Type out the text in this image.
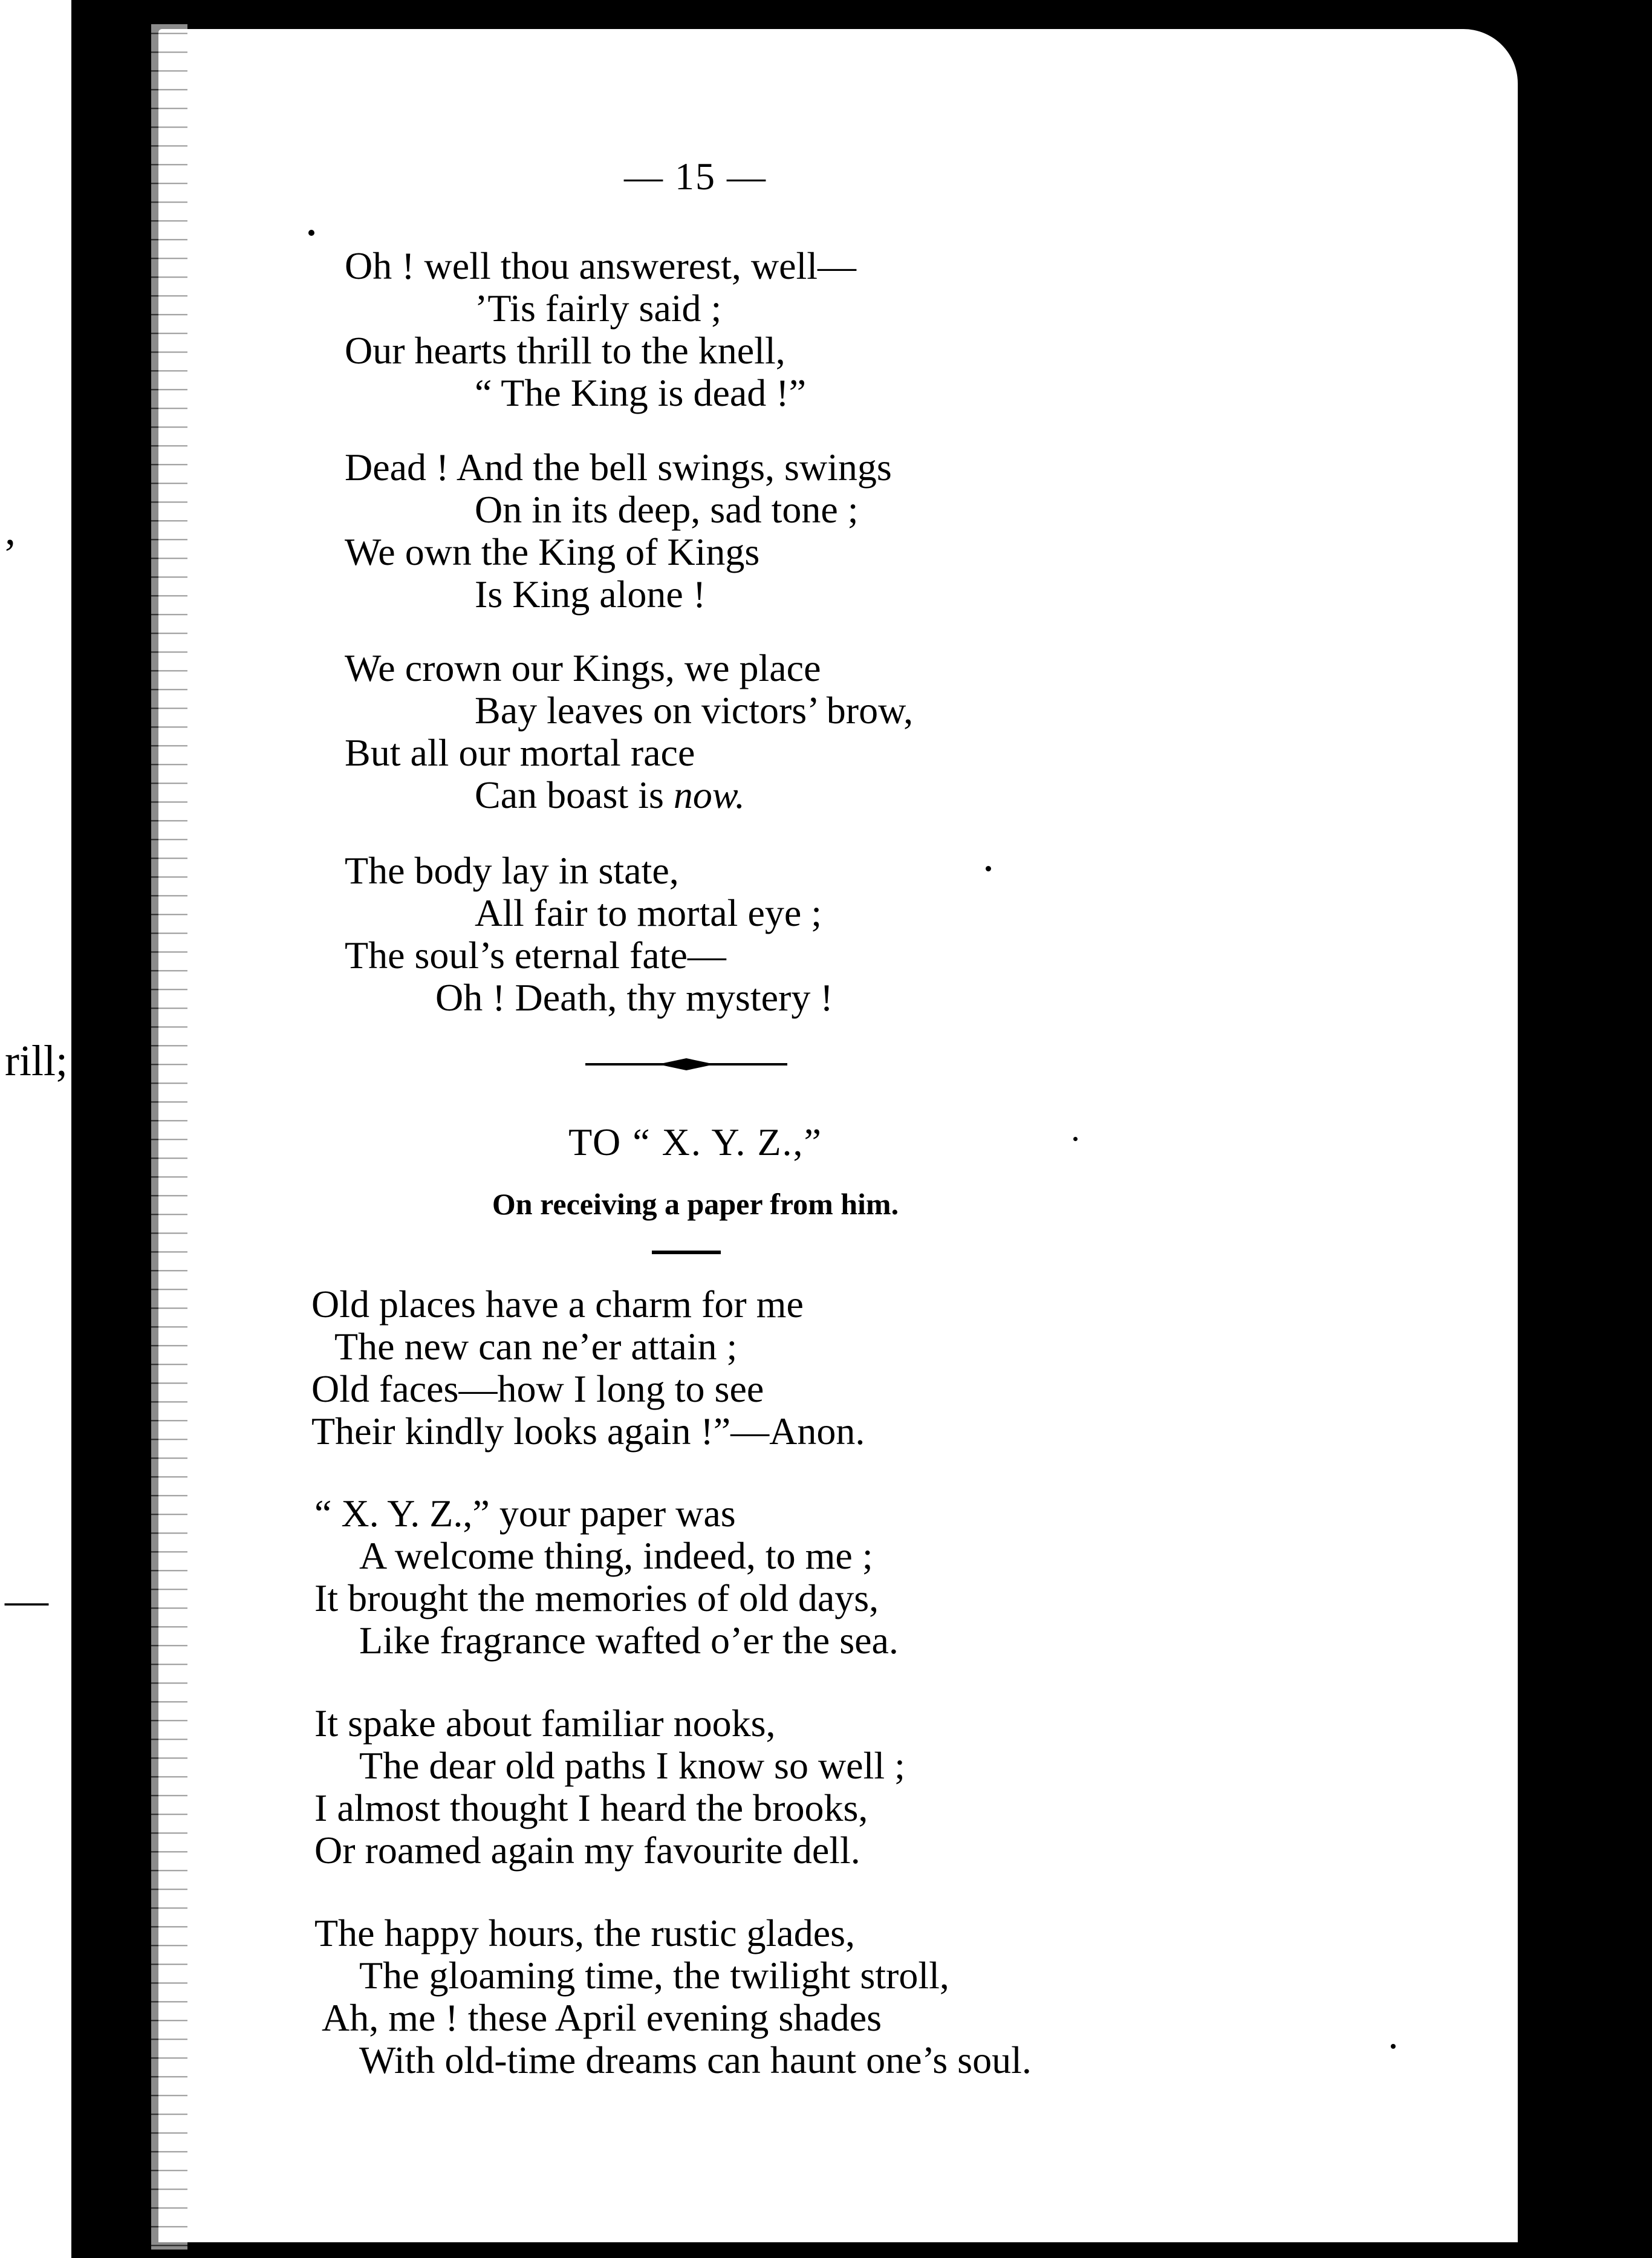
,
rill;
—
— 15 —
Oh ! well thou answerest, well—
’Tis fairly said ;
Our hearts thrill to the knell,
“ The King is dead !”
Dead ! And the bell swings, swings
On in its deep, sad tone ;
We own the King of Kings
Is King alone !
We crown our Kings, we place
Bay leaves on victors’ brow,
But all our mortal race
Can boast is now.
The body lay in state,
All fair to mortal eye ;
The soul’s eternal fate—
Oh ! Death, thy mystery !
TO “ X. Y. Z.,”
On receiving a paper from him.
Old places have a charm for me
The new can ne’er attain ;
Old faces—how I long to see
Their kindly looks again !”—Anon.
“ X. Y. Z.,” your paper was
A welcome thing, indeed, to me ;
It brought the memories of old days,
Like fragrance wafted o’er the sea.
It spake about familiar nooks,
The dear old paths I know so well ;
I almost thought I heard the brooks,
Or roamed again my favourite dell.
The happy hours, the rustic glades,
The gloaming time, the twilight stroll,
Ah, me ! these April evening shades
With old-time dreams can haunt one’s soul.
